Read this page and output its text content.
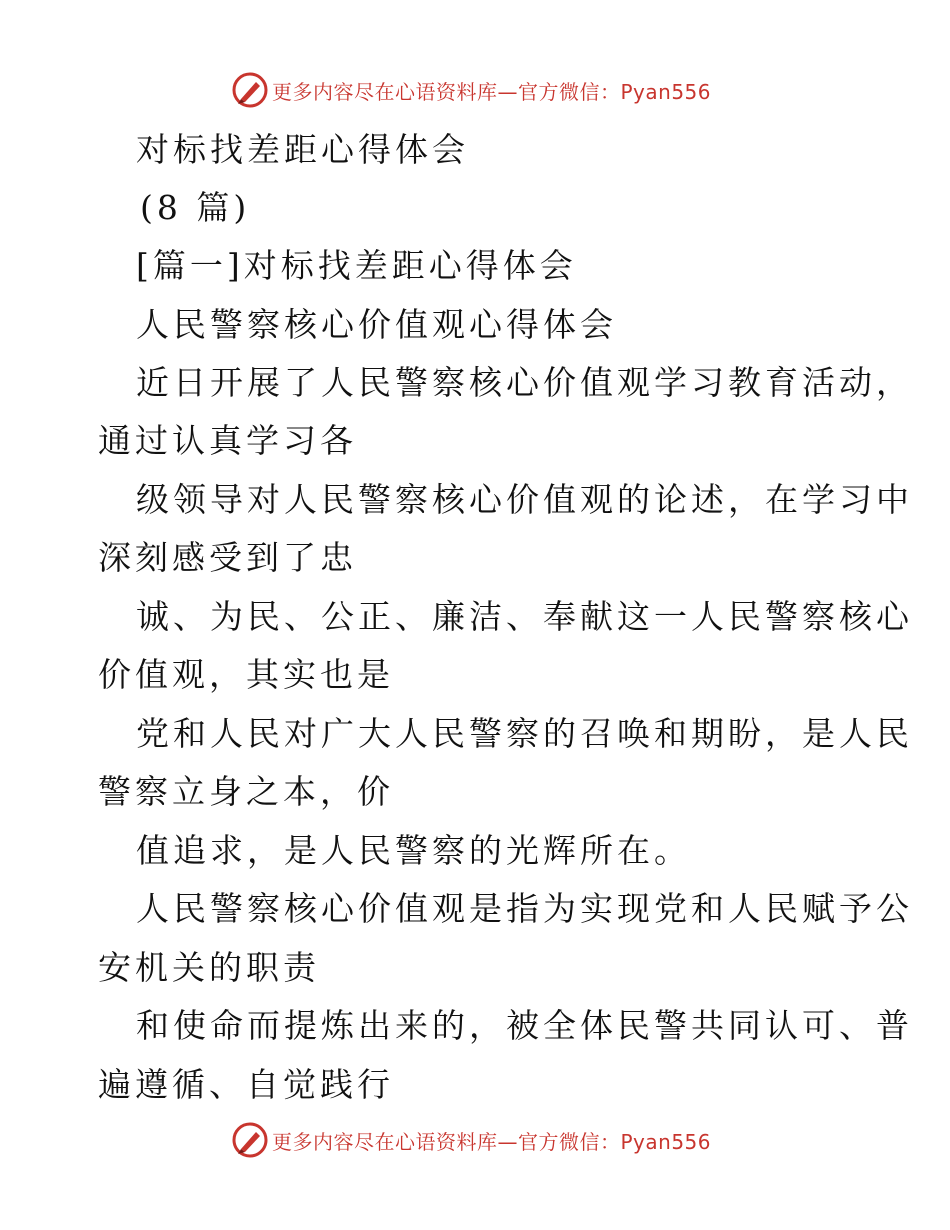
更多内容尽在心语资料库—官方微信：Pyan556
对标找差距心得体会
(8 篇)
[篇一]对标找差距心得体会
人民警察核心价值观心得体会
近日开展了人民警察核心价值观学习教育活动，
通过认真学习各
级领导对人民警察核心价值观的论述，在学习中
深刻感受到了忠
诚、为民、公正、廉洁、奉献这一人民警察核心
价值观，其实也是
党和人民对广大人民警察的召唤和期盼，是人民
警察立身之本，价
值追求，是人民警察的光辉所在。
人民警察核心价值观是指为实现党和人民赋予公
安机关的职责
和使命而提炼出来的，被全体民警共同认可、普
遍遵循、自觉践行
更多内容尽在心语资料库—官方微信：Pyan556
